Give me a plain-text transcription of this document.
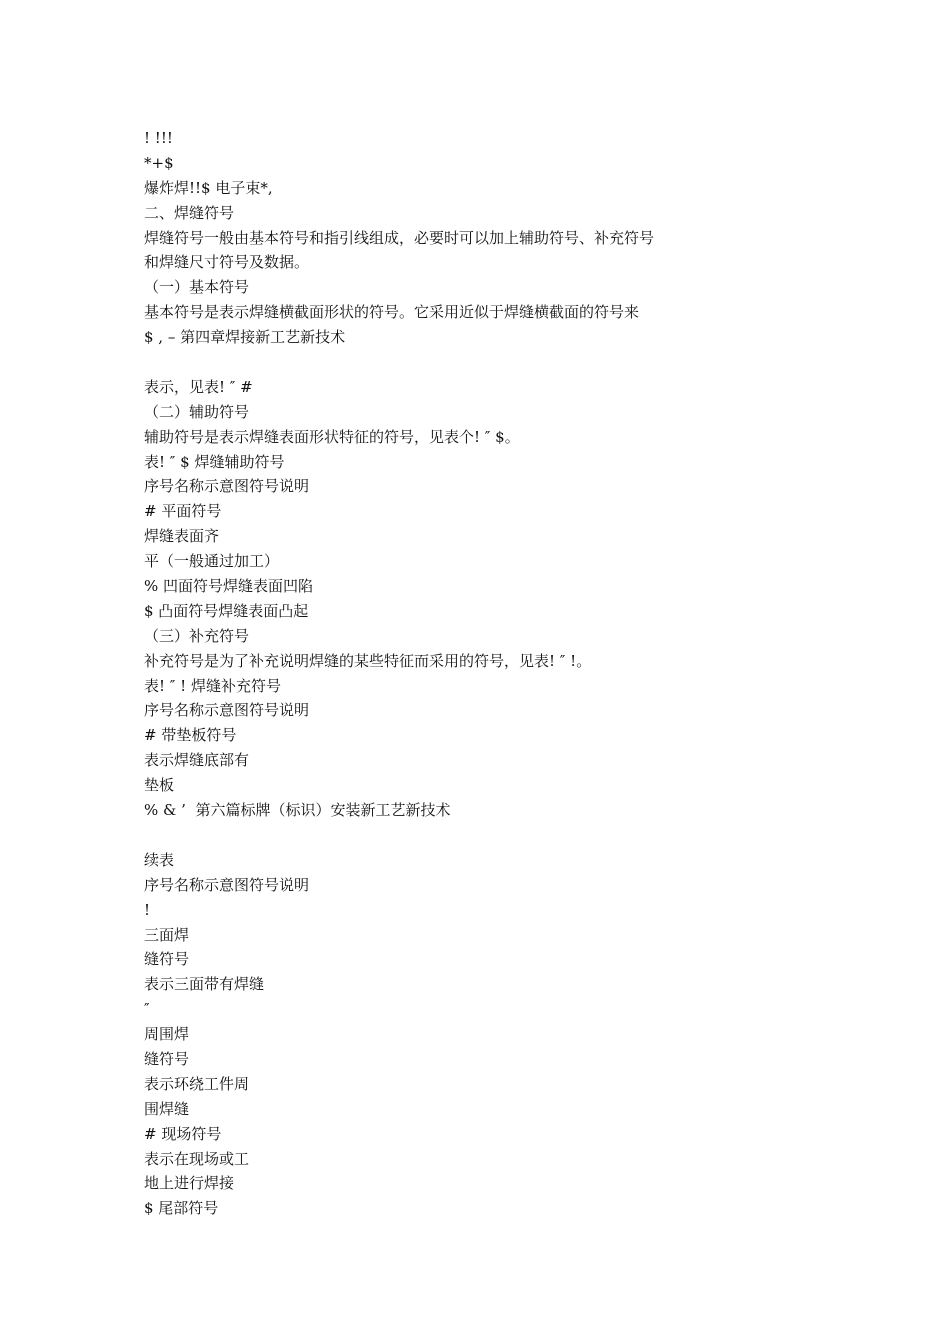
! !!!
*+$
爆炸焊!!$ 电子束*,
二、焊缝符号
焊缝符号一般由基本符号和指引线组成，必要时可以加上辅助符号、补充符号
和焊缝尺寸符号及数据。
（一）基本符号
基本符号是表示焊缝横截面形状的符号。它采用近似于焊缝横截面的符号来
$ , – 第四章焊接新工艺新技术
表示，见表! ″ #
（二）辅助符号
辅助符号是表示焊缝表面形状特征的符号，见表个! ″ $。
表! ″ $ 焊缝辅助符号
序号名称示意图符号说明
# 平面符号
焊缝表面齐
平（一般通过加工）
% 凹面符号焊缝表面凹陷
$ 凸面符号焊缝表面凸起
（三）补充符号
补充符号是为了补充说明焊缝的某些特征而采用的符号，见表! ″ !。
表! ″ ! 焊缝补充符号
序号名称示意图符号说明
# 带垫板符号
表示焊缝底部有
垫板
% & ’  第六篇标牌（标识）安装新工艺新技术
续表
序号名称示意图符号说明
!
三面焊
缝符号
表示三面带有焊缝
″
周围焊
缝符号
表示环绕工件周
围焊缝
# 现场符号
表示在现场或工
地上进行焊接
$ 尾部符号
